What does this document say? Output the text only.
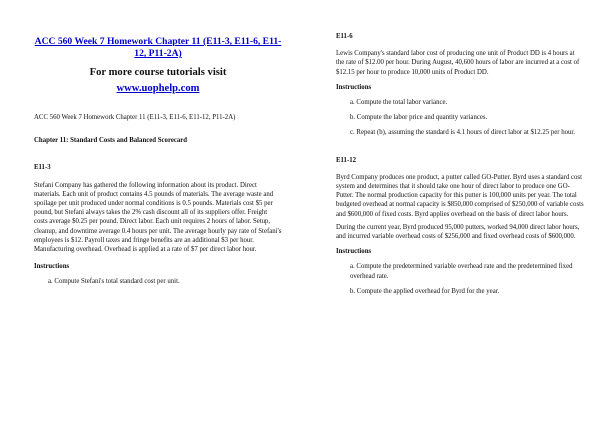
ACC 560 Week 7 Homework Chapter 11 (E11-3, E11-6, E11-12, P11-2A)

For more course tutorials visit

www.uophelp.com

ACC 560 Week 7 Homework Chapter 11 (E11-3, E11-6, E11-12, P11-2A)

Chapter 11: Standard Costs and Balanced Scorecard

E11-3

Stefani Company has gathered the following information about its product. Direct materials. Each unit of product contains 4.5 pounds of materials. The average waste and spoilage per unit produced under normal conditions is 0.5 pounds. Materials cost $5 per pound, but Stefani always takes the 2% cash discount all of its suppliers offer. Freight costs average $0.25 per pound. Direct labor. Each unit requires 2 hours of labor. Setup, cleanup, and downtime average 0.4 hours per unit. The average hourly pay rate of Stefani's employees is $12. Payroll taxes and fringe benefits are an additional $3 per hour. Manufacturing overhead. Overhead is applied at a rate of $7 per direct labor hour.

Instructions

a. Compute Stefani's total standard cost per unit.

E11-6

Lewis Company's standard labor cost of producing one unit of Product DD is 4 hours at the rate of $12.00 per hour. During August, 40,600 hours of labor are incurred at a cost of $12.15 per hour to produce 10,000 units of Product DD.

Instructions

a. Compute the total labor variance.

b. Compute the labor price and quantity variances.

c. Repeat (b), assuming the standard is 4.1 hours of direct labor at $12.25 per hour.

E11-12

Byrd Company produces one product, a putter called GO-Putter. Byrd uses a standard cost system and determines that it should take one hour of direct labor to produce one GO-Putter. The normal production capacity for this putter is 100,000 units per year. The total budgeted overhead at normal capacity is $850,000 comprised of $250,000 of variable costs and $600,000 of fixed costs. Byrd applies overhead on the basis of direct labor hours.

During the current year, Byrd produced 95,000 putters, worked 94,000 direct labor hours, and incurred variable overhead costs of $256,000 and fixed overhead costs of $600,000.

Instructions

a. Compute the predetermined variable overhead rate and the predetermined fixed overhead rate.

b. Compute the applied overhead for Byrd for the year.
